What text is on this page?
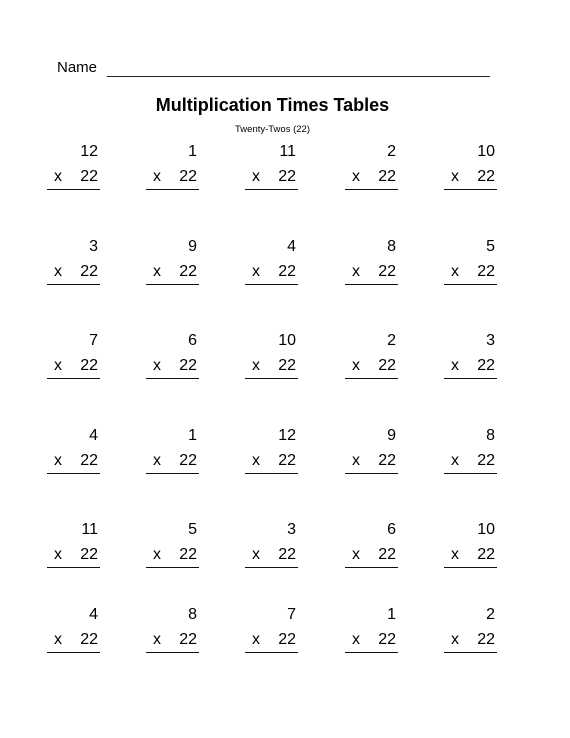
Name
Multiplication Times Tables
Twenty-Twos (22)
12
x 22
1
x 22
11
x 22
2
x 22
10
x 22
3
x 22
9
x 22
4
x 22
8
x 22
5
x 22
7
x 22
6
x 22
10
x 22
2
x 22
3
x 22
4
x 22
1
x 22
12
x 22
9
x 22
8
x 22
11
x 22
5
x 22
3
x 22
6
x 22
10
x 22
4
x 22
8
x 22
7
x 22
1
x 22
2
x 22
